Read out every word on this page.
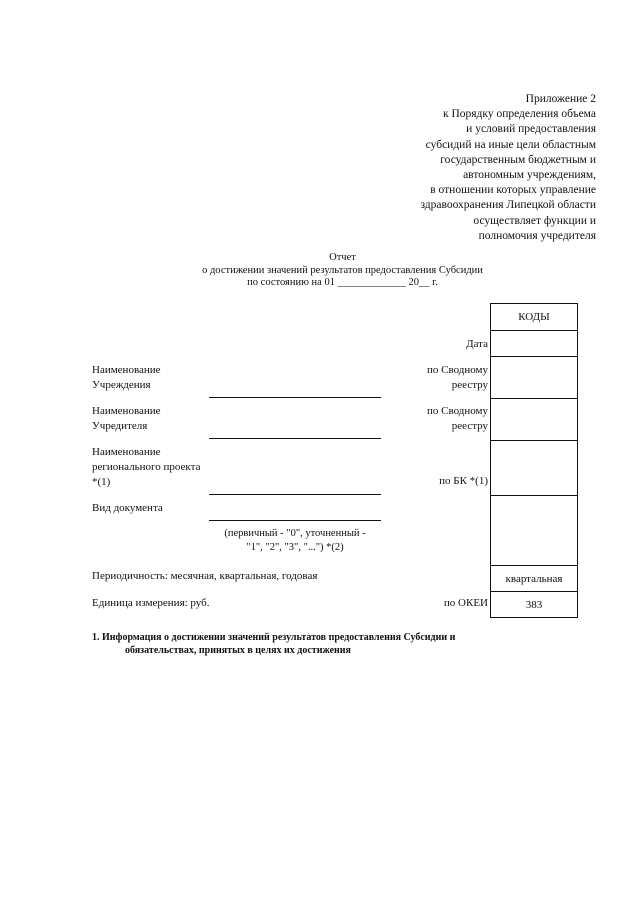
Приложение 2
к Порядку определения объема
и условий предоставления
субсидий на иные цели областным
государственным бюджетным и
автономным учреждениям,
в отношении которых управление
здравоохранения Липецкой области
осуществляет функции и
полномочия учредителя
Отчет
о достижении значений результатов предоставления Субсидии
по состоянию на 01 _____________ 20__ г.
КОДЫ
квартальная
383
Дата
по Сводному
реестру
по Сводному
реестру
по БК *(1)
по ОКЕИ
Наименование
Учреждения
Наименование
Учредителя
Наименование
регионального проекта
*(1)
Вид документа
(первичный - "0", уточненный -
"1", "2", "3", "...") *(2)
Периодичность: месячная, квартальная, годовая
Единица измерения: руб.
1. Информация о достижении значений результатов предоставления Субсидии и
обязательствах, принятых в целях их достижения
